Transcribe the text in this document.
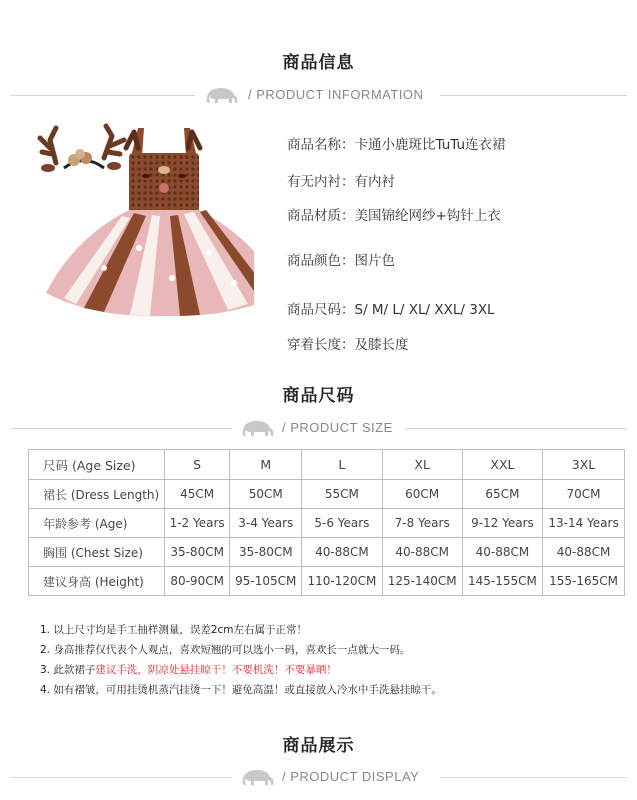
商品信息
/ PRODUCT INFORMATION
商品名称：卡通小鹿斑比TuTu连衣裙
有无内衬：有内衬
商品材质：美国锦纶网纱+钩针上衣
商品颜色：图片色
商品尺码：S/ M/ L/ XL/ XXL/ 3XL
穿着长度：及膝长度
商品尺码
/ PRODUCT SIZE
尺码 (Age Size)	S	M	L	XL	XXL	3XL
裙长 (Dress Length)	45CM	50CM	55CM	60CM	65CM	70CM
年龄参考 (Age)	1-2 Years	3-4 Years	5-6 Years	7-8 Years	9-12 Years	13-14 Years
胸围 (Chest Size)	35-80CM	35-80CM	40-88CM	40-88CM	40-88CM	40-88CM
建议身高 (Height)	80-90CM	95-105CM	110-120CM	125-140CM	145-155CM	155-165CM
1. 以上尺寸均是手工抽样测量，误差2cm左右属于正常！
2. 身高推荐仅代表个人观点，喜欢短翘的可以选小一码，喜欢长一点就大一码。
3. 此款裙子建议手洗，阴凉处悬挂晾干！不要机洗！不要暴晒！
4. 如有褶皱，可用挂烫机蒸汽挂烫一下！避免高温！或直接放入冷水中手洗悬挂晾干。
商品展示
/ PRODUCT DISPLAY
